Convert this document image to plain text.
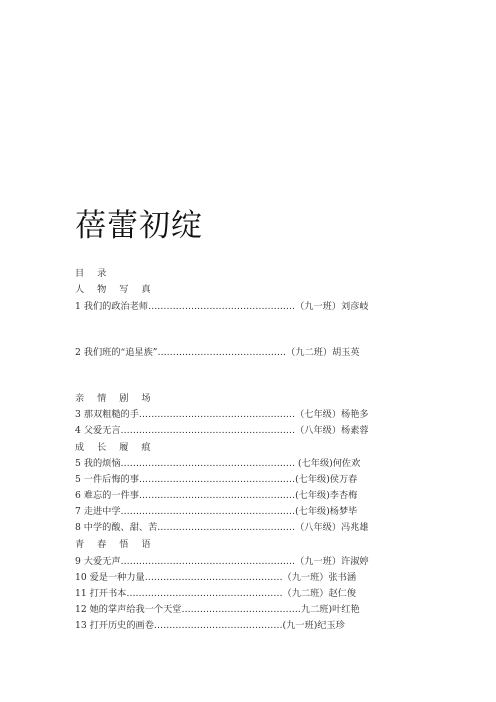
蓓蕾初绽
目 录
人 物 写 真
1 我们的政治老师…………………………………………（九一班）刘彦岐
2 我们班的“追星族”……………………………………（九二班）胡玉英
亲 情 剧 场
3 那双粗糙的手……………………………………………（七年级）杨艳多
4 父爱无言…………………………………………………（八年级）杨素蓉
成 长 履 痕
5 我的烦恼………………………………………………… (七年级)何佐欢
5 一件后悔的事……………………………………………(七年级)侯万春
6 难忘的一件事……………………………………………(七年级)李杏梅
7 走进中学…………………………………………………(七年级)杨梦毕
8 中学的酸、甜、苦………………………………………（八年级）冯兆雄
青 春 悟 语
9 大爱无声…………………………………………………（九一班）许淑婷
10 爱是一种力量………………………………………（九一班）张书涵
11 打开书本……………………………………………（九二班）赵仁俊
12 她的掌声给我一个天堂…………………………………九二班)叶红艳
13 打开历史的画卷……………………………………(九一班)纪玉珍
